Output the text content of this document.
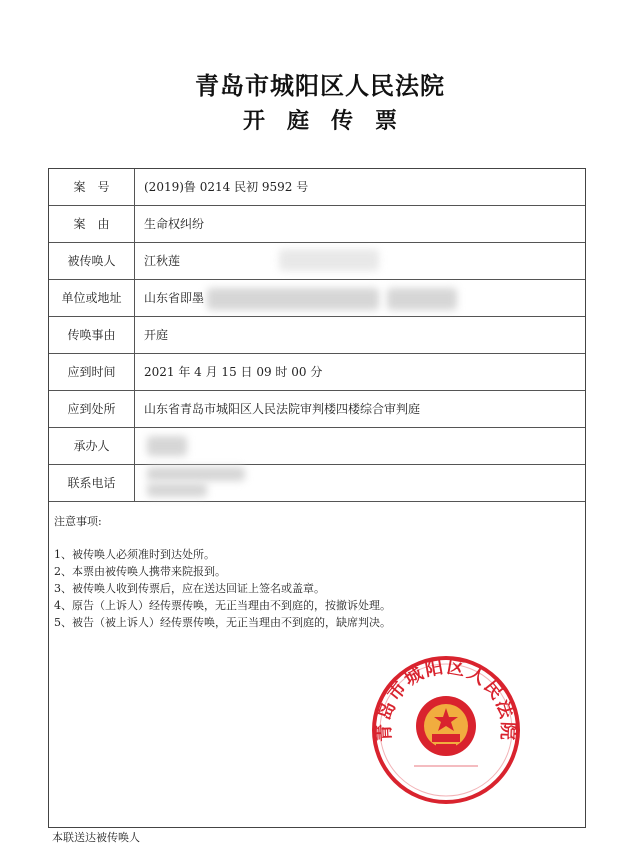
青岛市城阳区人民法院
开庭传票
案　号	(2019)鲁 0214 民初 9592 号
案　由	生命权纠纷
被传唤人	江秋莲
单位或地址	山东省即墨
传唤事由	开庭
应到时间	2021 年 4 月 15 日 09 时 00 分
应到处所	山东省青岛市城阳区人民法院审判楼四楼综合审判庭
承办人
联系电话
注意事项:
1、被传唤人必须准时到达处所。
2、本票由被传唤人携带来院报到。
3、被传唤人收到传票后，应在送达回证上签名或盖章。
4、原告（上诉人）经传票传唤，无正当理由不到庭的，按撤诉处理。
5、被告（被上诉人）经传票传唤，无正当理由不到庭的，缺席判决。
青岛市城阳区人民法院
本联送达被传唤人
